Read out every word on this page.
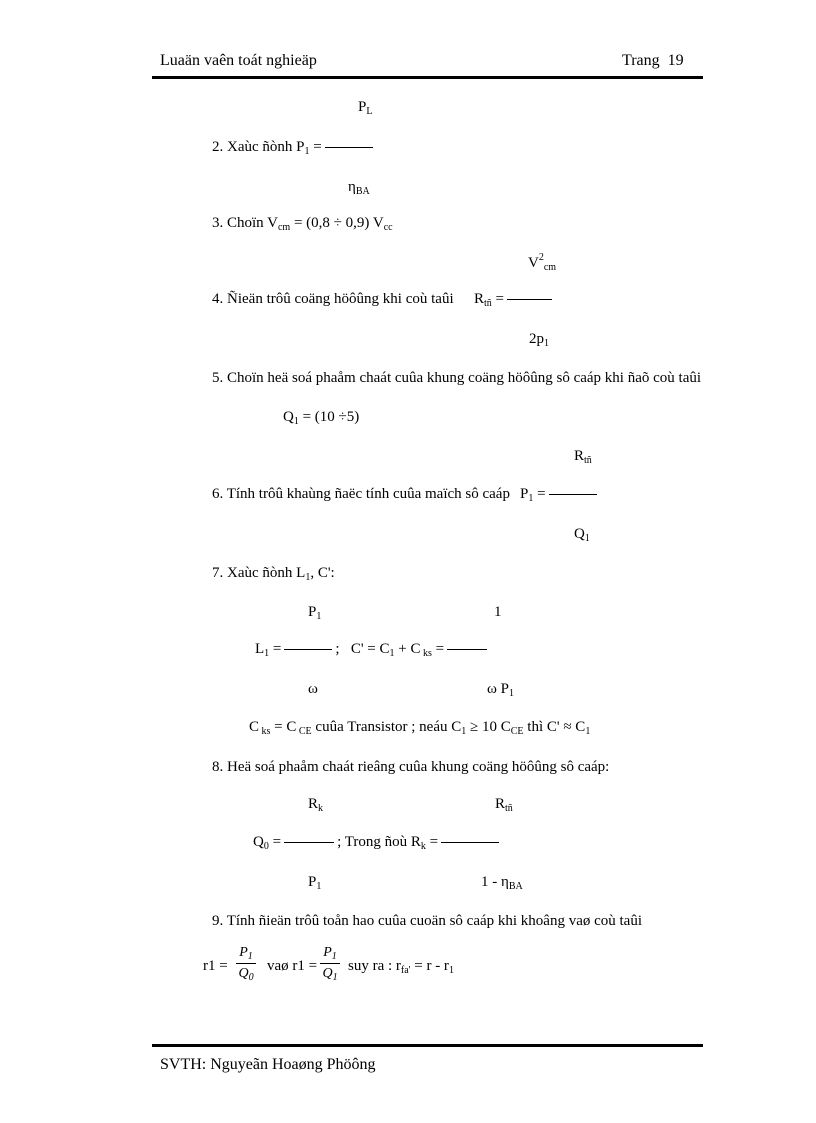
Luaän vaên toát nghieäp	Trang 19
$P_L$
2. Xaùc ñònh $P_1$ =
$\eta_{BA}$
3. Choïn $V_{cm} = (0,8 \div 0,9)$ $V_{cc}$
$V^2_{cm}$
4. Ñieän trôû coäng höôûng khi coù taûi $R_{tñ}$ =
$2p_1$
5. Choïn heä soá phaåm chaát cuûa khung coäng höôûng sô caáp khi ñaõ coù taûi
$Q_1 = (10 \div 5)$
$R_{tñ}$
6. Tính trôû khaùng ñaëc tính cuûa maïch sô caáp $P_1$ =
$Q_1$
7. Xaùc ñònh $L_1$, C':
$P_1$	1
$L_1$ =	; $C' = C_1 + C$ $_{ks}$ =
ω	ω $P_1$
C $_{ks}$ = C $_{CE}$ cuûa Transistor ; neáu $C_1 \ge 10$ $C_{CE}$ thì $C' \approx C_1$
8. Heä soá phaåm chaát rieâng cuûa khung coäng höôûng sô caáp:
$R_k$	$R_{tñ}$
$Q_0$ =	; Trong ñoù $R_k$ =
$P_1$	$1 - \eta_{BA}$
9. Tính ñieän trôû toån hao cuûa cuoän sô caáp khi khoâng vaø coù taûi
r1 =
$P_1$
$Q_0$
vaø r1 =
$P_1$
$Q_1$
suy ra : $r_{fa'} = r - r_1$
SVTH: Nguyeãn Hoaøng Phöông
